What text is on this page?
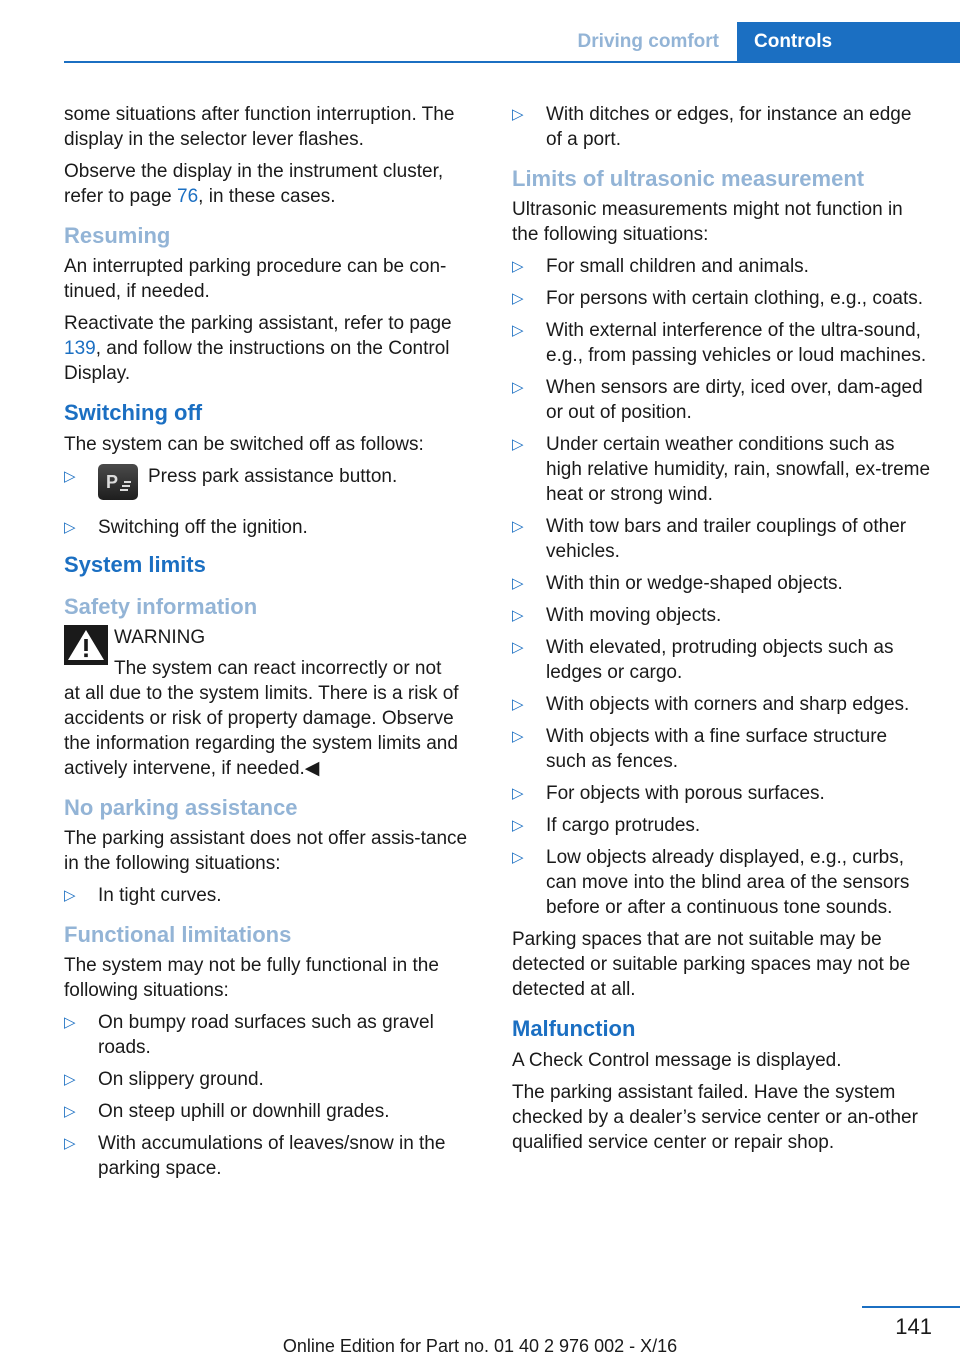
Driving comfort	Controls

some situations after function interruption. The display in the selector lever flashes.

Observe the display in the instrument cluster, refer to page 76, in these cases.

Resuming

An interrupted parking procedure can be con-tinued, if needed.

Reactivate the parking assistant, refer to page 139, and follow the instructions on the Control Display.

Switching off

The system can be switched off as follows:

▷ P	Press park assistance button.
▷ Switching off the ignition.
System limits
Safety information
WARNING
The system can react incorrectly or not

at all due to the system limits. There is a risk of accidents or risk of property damage. Observe the information regarding the system limits and actively intervene, if needed.◀

No parking assistance

The parking assistant does not offer assis-tance in the following situations:

▷ In tight curves.
Functional limitations

The system may not be fully functional in the following situations:

▷ On bumpy road surfaces such as gravel roads.
▷ On slippery ground.
▷ On steep uphill or downhill grades.
▷ With accumulations of leaves/snow in the parking space.
▷ With ditches or edges, for instance an edge of a port.
Limits of ultrasonic measurement

Ultrasonic measurements might not function in the following situations:

▷ For small children and animals.
▷ For persons with certain clothing, e.g., coats.
▷ With external interference of the ultra-sound, e.g., from passing vehicles or loud machines.
▷ When sensors are dirty, iced over, dam-aged or out of position.
▷ Under certain weather conditions such as high relative humidity, rain, snowfall, ex-treme heat or strong wind.
▷ With tow bars and trailer couplings of other vehicles.
▷ With thin or wedge-shaped objects.
▷ With moving objects.
▷ With elevated, protruding objects such as ledges or cargo.
▷ With objects with corners and sharp edges.
▷ With objects with a fine surface structure such as fences.
▷ For objects with porous surfaces.
▷ If cargo protrudes.
▷ Low objects already displayed, e.g., curbs, can move into the blind area of the sensors before or after a continuous tone sounds.

Parking spaces that are not suitable may be detected or suitable parking spaces may not be detected at all.

Malfunction

A Check Control message is displayed.

The parking assistant failed. Have the system checked by a dealer’s service center or an-other qualified service center or repair shop.

141
Online Edition for Part no. 01 40 2 976 002 - X/16
